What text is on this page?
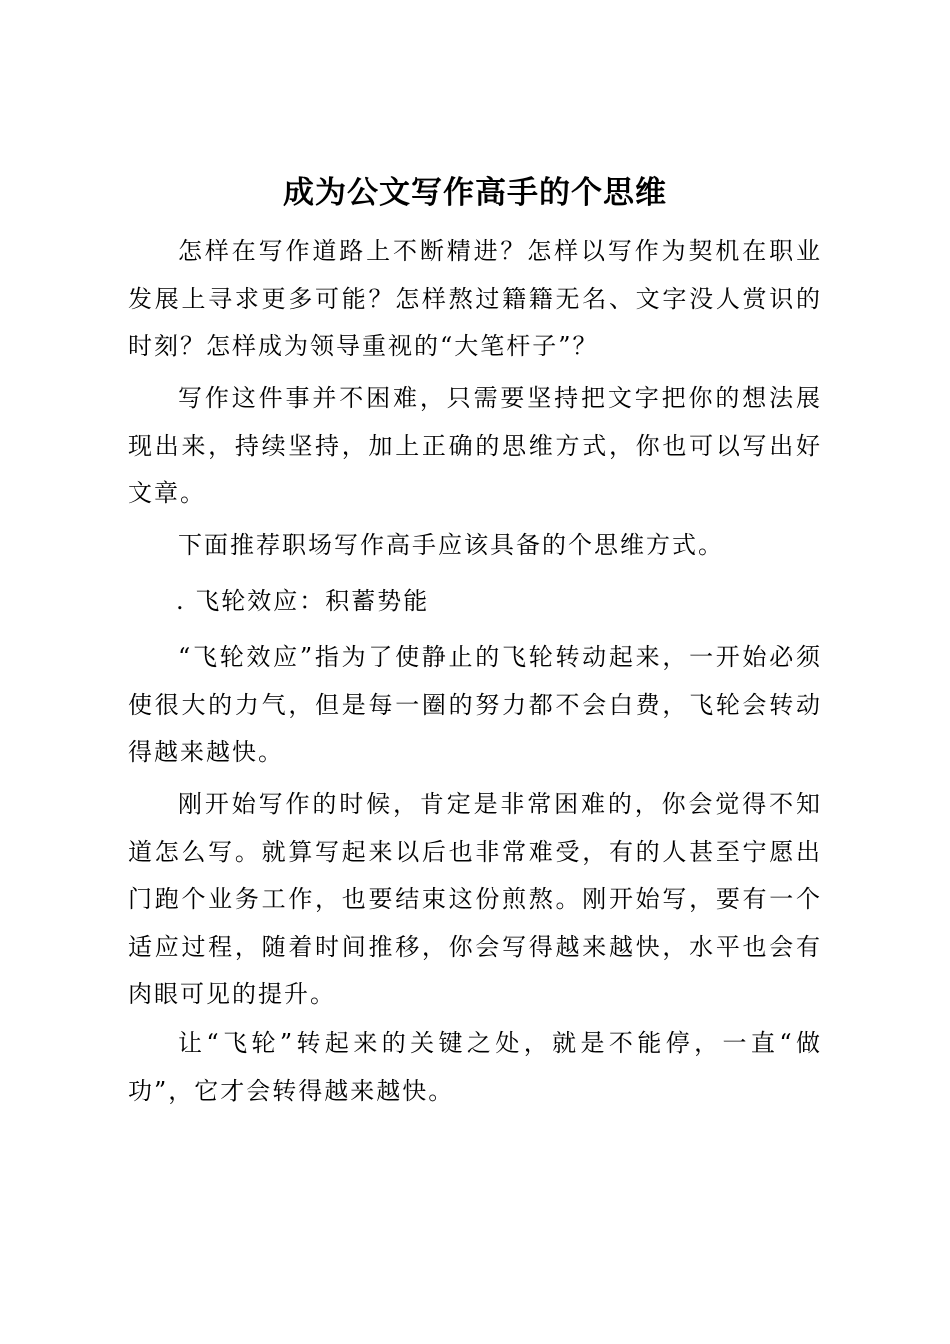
成为公文写作高手的个思维

怎样在写作道路上不断精进？怎样以写作为契机在职业发展上寻求更多可能？怎样熬过籍籍无名、文字没人赏识的时刻？怎样成为领导重视的“大笔杆子”？

写作这件事并不困难，只需要坚持把文字把你的想法展现出来，持续坚持，加上正确的思维方式，你也可以写出好文章。

下面推荐职场写作高手应该具备的个思维方式。

. 飞轮效应：积蓄势能

“飞轮效应”指为了使静止的飞轮转动起来，一开始必须使很大的力气，但是每一圈的努力都不会白费，飞轮会转动得越来越快。

刚开始写作的时候，肯定是非常困难的，你会觉得不知道怎么写。就算写起来以后也非常难受，有的人甚至宁愿出门跑个业务工作，也要结束这份煎熬。刚开始写，要有一个适应过程，随着时间推移，你会写得越来越快，水平也会有肉眼可见的提升。

让“飞轮”转起来的关键之处，就是不能停，一直“做功”，它才会转得越来越快。
